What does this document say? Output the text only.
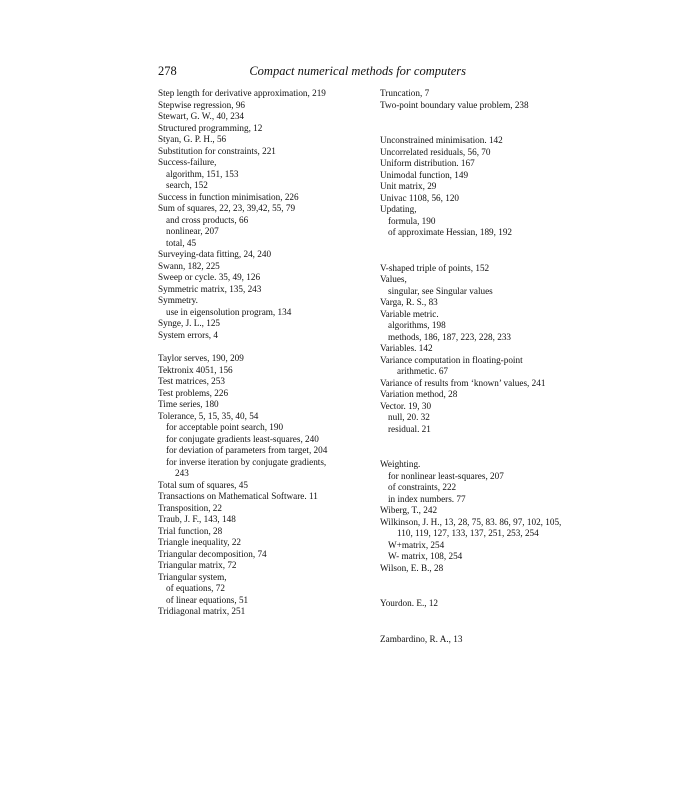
278	Compact numerical methods for computers
Step length for derivative approximation, 219
Stepwise regression, 96
Stewart, G. W., 40, 234
Structured programming, 12
Styan, G. P. H., 56
Substitution for constraints, 221
Success-failure,
algorithm, 151, 153
search, 152
Success in function minimisation, 226
Sum of squares, 22, 23, 39,42, 55, 79
and cross products, 66
nonlinear, 207
total, 45
Surveying-data fitting, 24, 240
Swann, 182, 225
Sweep or cycle. 35, 49, 126
Symmetric matrix, 135, 243
Symmetry.
use in eigensolution program, 134
Synge, J. L., 125
System errors, 4
Taylor serves, 190, 209
Tektronix 4051, 156
Test matrices, 253
Test problems, 226
Time series, 180
Tolerance, 5, 15, 35, 40, 54
for acceptable point search, 190
for conjugate gradients least-squares, 240
for deviation of parameters from target, 204
for inverse iteration by conjugate gradients,
243
Total sum of squares, 45
Transactions on Mathematical Software. 11
Transposition, 22
Traub, J. F., 143, 148
Trial function, 28
Triangle inequality, 22
Triangular decomposition, 74
Triangular matrix, 72
Triangular system,
of equations, 72
of linear equations, 51
Tridiagonal matrix, 251
Truncation, 7
Two-point boundary value problem, 238
Unconstrained minimisation. 142
Uncorrelated residuals, 56, 70
Uniform distribution. 167
Unimodal function, 149
Unit matrix, 29
Univac 1108, 56, 120
Updating,
formula, 190
of approximate Hessian, 189, 192
V-shaped triple of points, 152
Values,
singular, see Singular values
Varga, R. S., 83
Variable metric.
algorithms, 198
methods, 186, 187, 223, 228, 233
Variables. 142
Variance computation in floating-point
arithmetic. 67
Variance of results from ‘known’ values, 241
Variation method, 28
Vector. 19, 30
null, 20. 32
residual. 21
Weighting.
for nonlinear least-squares, 207
of constraints, 222
in index numbers. 77
Wiberg, T., 242
Wilkinson, J. H., 13, 28, 75, 83. 86, 97, 102, 105,
110, 119, 127, 133, 137, 251, 253, 254
W+matrix, 254
W- matrix, 108, 254
Wilson, E. B., 28
Yourdon. E., 12
Zambardino, R. A., 13
